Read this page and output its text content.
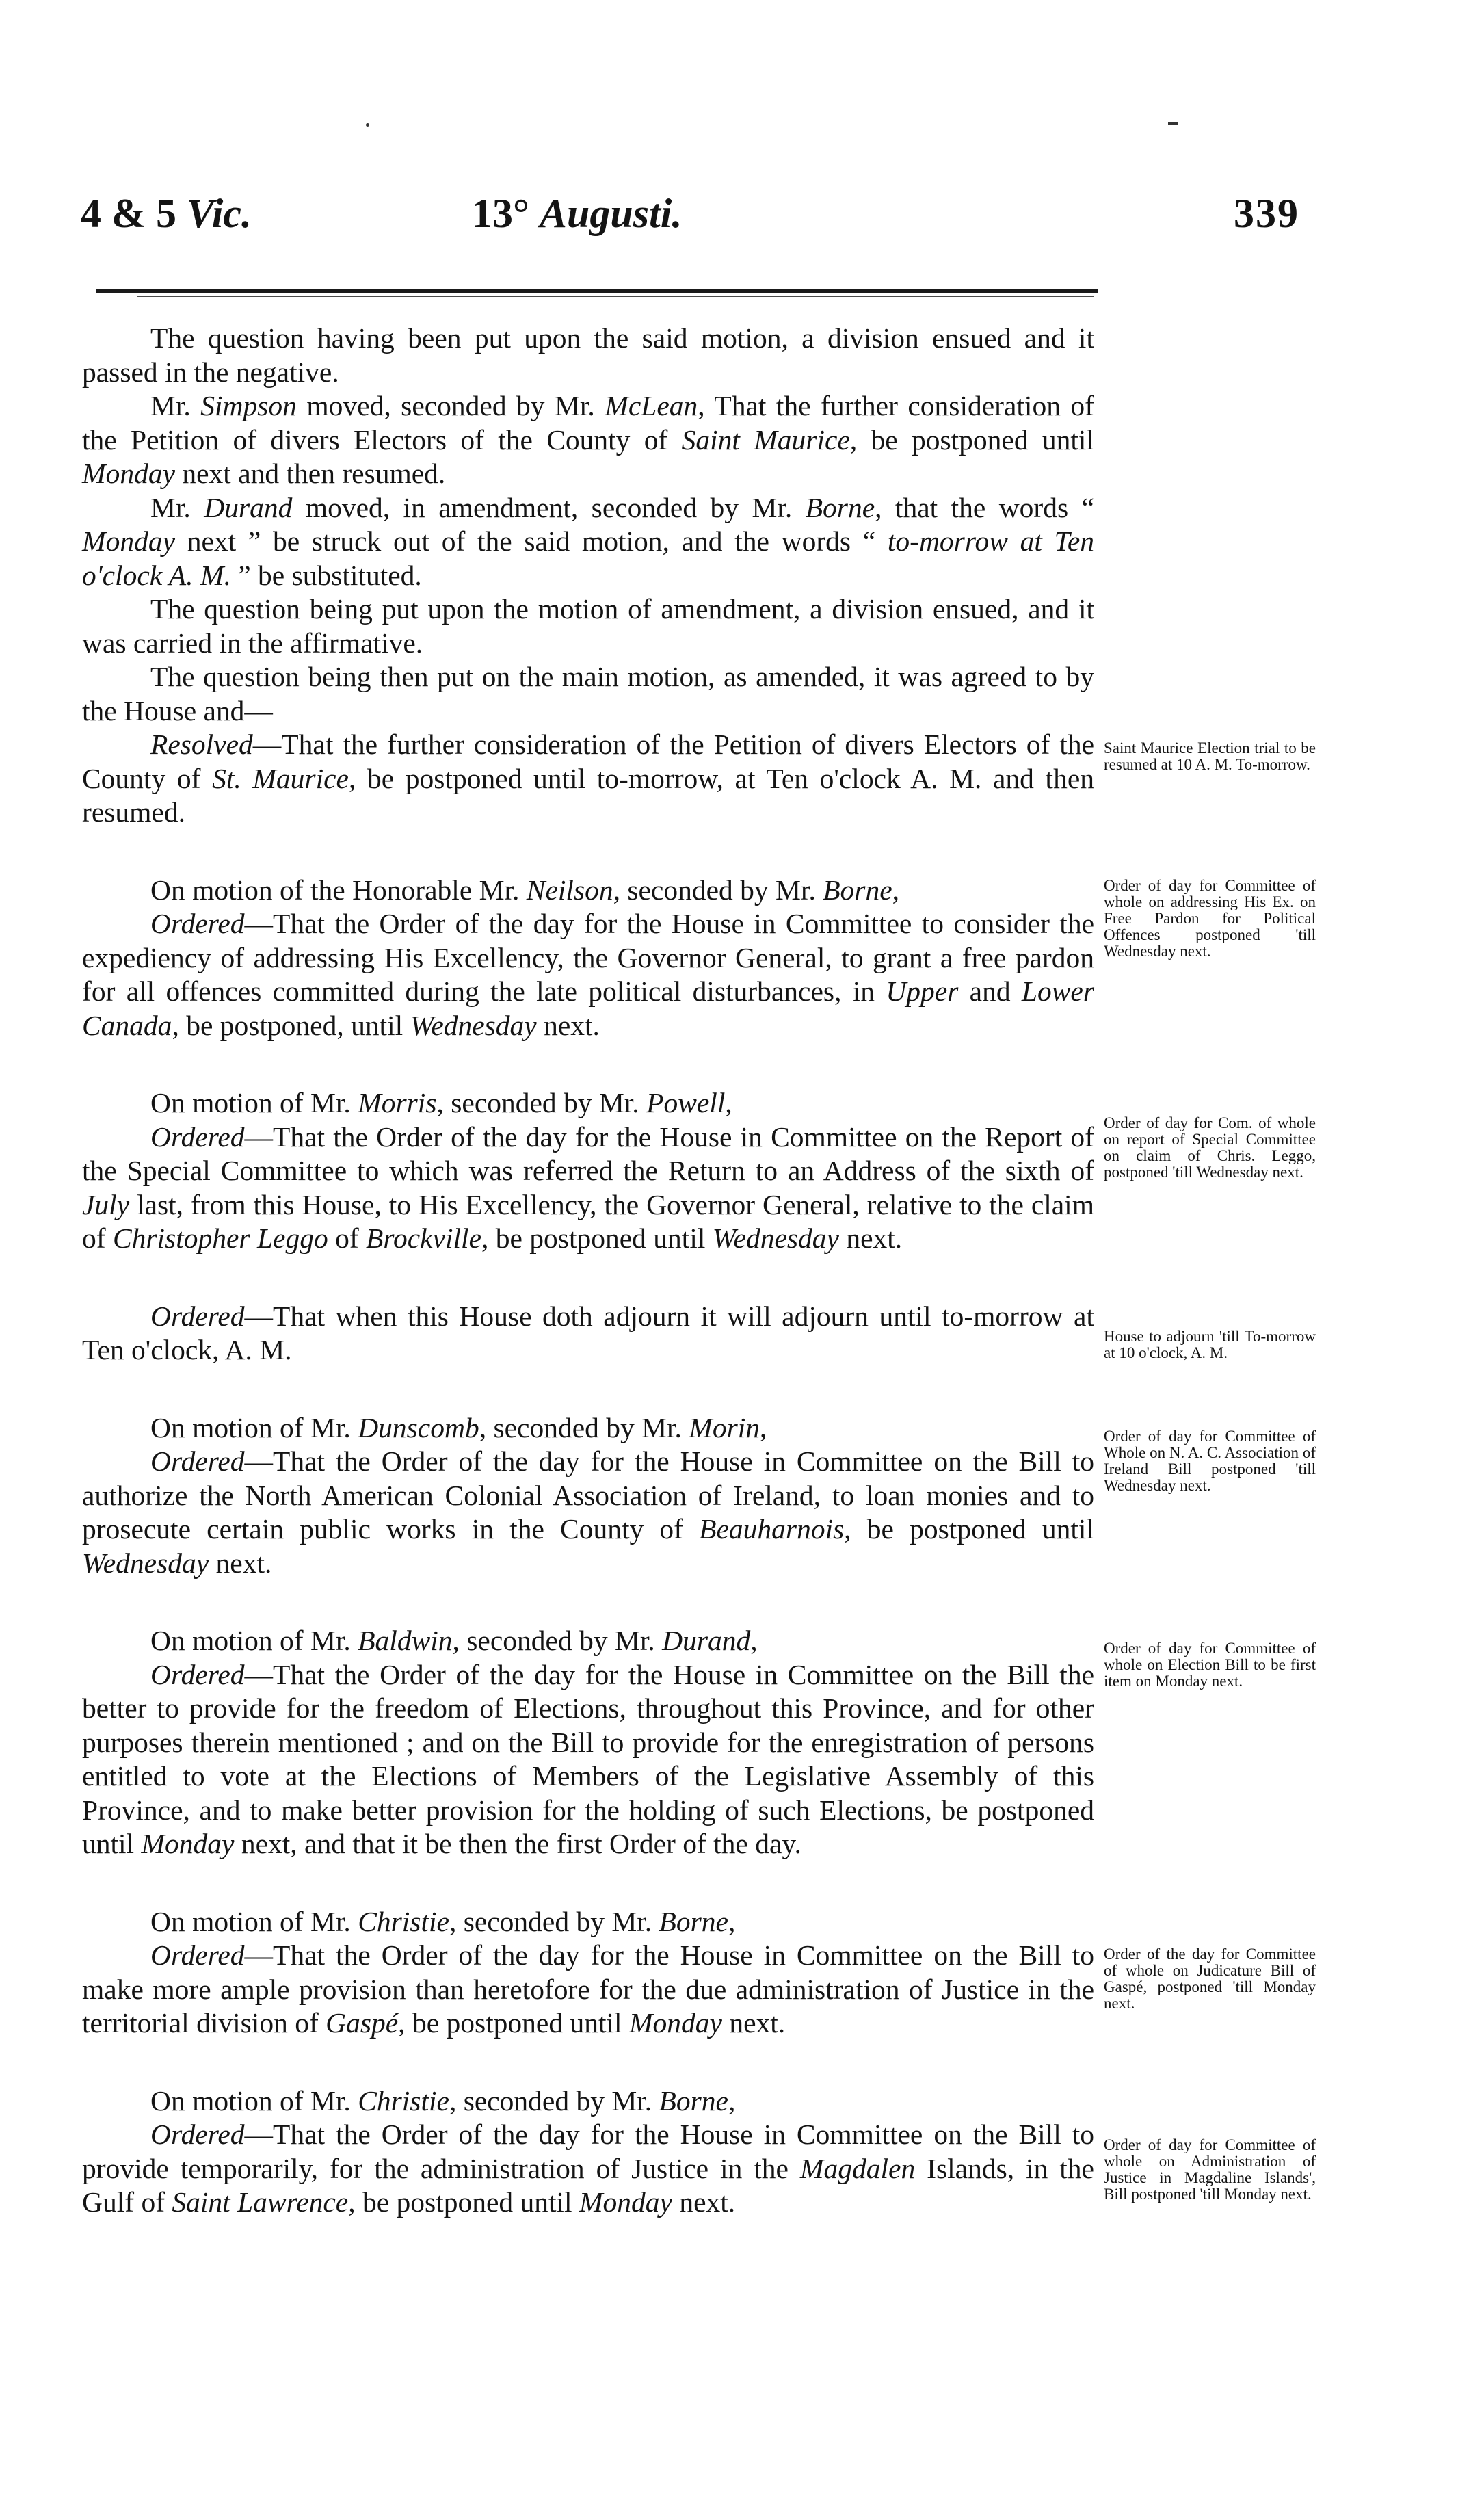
4 & 5 Vic.	13° Augusti.	339

The question having been put upon the said motion, a division ensued and it passed in the negative.

Mr. Simpson moved, seconded by Mr. McLean, That the further consideration of the Petition of divers Electors of the County of Saint Maurice, be postponed until Monday next and then resumed.

Mr. Durand moved, in amendment, seconded by Mr. Borne, that the words “ Monday next ” be struck out of the said motion, and the words “ to-morrow at Ten o'clock A. M. ” be substituted.

The question being put upon the motion of amendment, a division ensued, and it was carried in the affirmative.

The question being then put on the main motion, as amended, it was agreed to by the House and—

Resolved—That the further consideration of the Petition of divers Electors of the County of St. Maurice, be postponed until to-morrow, at Ten o'clock A. M. and then resumed.

On motion of the Honorable Mr. Neilson, seconded by Mr. Borne,

Ordered—That the Order of the day for the House in Committee to consider the expediency of addressing His Excellency, the Governor General, to grant a free pardon for all offences committed during the late political disturbances, in Upper and Lower Canada, be postponed, until Wednesday next.

On motion of Mr. Morris, seconded by Mr. Powell,

Ordered—That the Order of the day for the House in Committee on the Report of the Special Committee to which was referred the Return to an Address of the sixth of July last, from this House, to His Excellency, the Governor General, relative to the claim of Christopher Leggo of Brockville, be postponed until Wednesday next.

Ordered—That when this House doth adjourn it will adjourn until to-morrow at Ten o'clock, A. M.

On motion of Mr. Dunscomb, seconded by Mr. Morin,

Ordered—That the Order of the day for the House in Committee on the Bill to authorize the North American Colonial Association of Ireland, to loan monies and to prosecute certain public works in the County of Beauharnois, be postponed until Wednesday next.

On motion of Mr. Baldwin, seconded by Mr. Durand,

Ordered—That the Order of the day for the House in Committee on the Bill the better to provide for the freedom of Elections, throughout this Province, and for other purposes therein mentioned ; and on the Bill to provide for the enregistration of persons entitled to vote at the Elections of Members of the Legislative Assembly of this Province, and to make better provision for the holding of such Elections, be postponed until Monday next, and that it be then the first Order of the day.

On motion of Mr. Christie, seconded by Mr. Borne,

Ordered—That the Order of the day for the House in Committee on the Bill to make more ample provision than heretofore for the due administration of Justice in the territorial division of Gaspé, be postponed until Monday next.

On motion of Mr. Christie, seconded by Mr. Borne,

Ordered—That the Order of the day for the House in Committee on the Bill to provide temporarily, for the administration of Justice in the Magdalen Islands, in the Gulf of Saint Lawrence, be postponed until Monday next.

Saint Maurice Election trial to be resumed at 10 A. M. To-morrow.
Order of day for Committee of whole on addressing His Ex. on Free Pardon for Political Offences postponed 'till Wednesday next.
Order of day for Com. of whole on report of Special Committee on claim of Chris. Leggo, postponed 'till Wednesday next.
House to adjourn 'till To-morrow at 10 o'clock, A. M.
Order of day for Committee of Whole on N. A. C. Association of Ireland Bill postponed 'till Wednesday next.
Order of day for Committee of whole on Election Bill to be first item on Monday next.
Order of the day for Committee of whole on Judicature Bill of Gaspé, postponed 'till Monday next.
Order of day for Committee of whole on Administration of Justice in Magdaline Islands', Bill postponed 'till Monday next.
